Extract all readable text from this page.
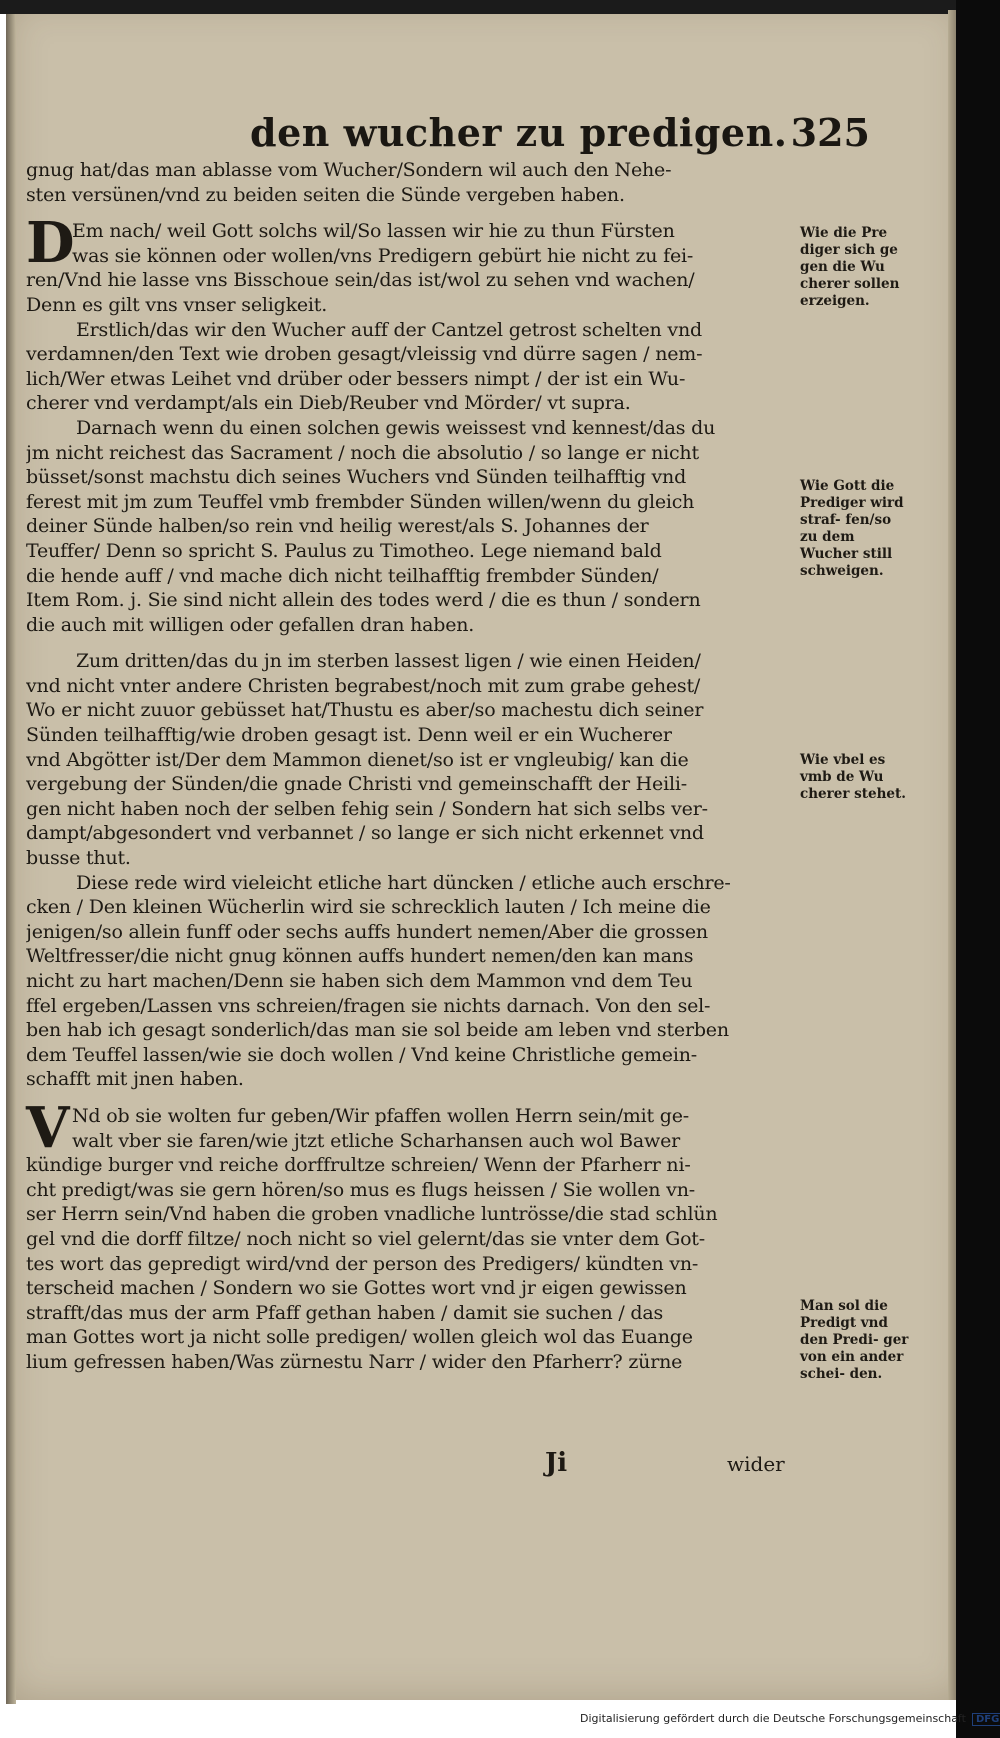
den wucher zu predigen. 325
gnug hat/das man ablasse vom Wucher/Sondern wil auch den Nehe-
sten versünen/vnd zu beiden seiten die Sünde vergeben haben.
D
Em nach/ weil Gott solchs wil/So lassen wir hie zu thun Fürsten
was sie können oder wollen/vns Predigern gebürt hie nicht zu fei-
ren/Vnd hie lasse vns Bisschoue sein/das ist/wol zu sehen vnd wachen/
Denn es gilt vns vnser seligkeit.
Erstlich/das wir den Wucher auff der Cantzel getrost schelten vnd
verdamnen/den Text wie droben gesagt/vleissig vnd dürre sagen / nem-
lich/Wer etwas Leihet vnd drüber oder bessers nimpt / der ist ein Wu-
cherer vnd verdampt/als ein Dieb/Reuber vnd Mörder/ vt supra.
Darnach wenn du einen solchen gewis weissest vnd kennest/das du
jm nicht reichest das Sacrament / noch die absolutio / so lange er nicht
büsset/sonst machstu dich seines Wuchers vnd Sünden teilhafftig vnd
ferest mit jm zum Teuffel vmb frembder Sünden willen/wenn du gleich
deiner Sünde halben/so rein vnd heilig werest/als S. Johannes der
Teuffer/ Denn so spricht S. Paulus zu Timotheo. Lege niemand bald
die hende auff / vnd mache dich nicht teilhafftig frembder Sünden/
Item Rom. j. Sie sind nicht allein des todes werd / die es thun / sondern
die auch mit willigen oder gefallen dran haben.
Zum dritten/das du jn im sterben lassest ligen / wie einen Heiden/
vnd nicht vnter andere Christen begrabest/noch mit zum grabe gehest/
Wo er nicht zuuor gebüsset hat/Thustu es aber/so machestu dich seiner
Sünden teilhafftig/wie droben gesagt ist. Denn weil er ein Wucherer
vnd Abgötter ist/Der dem Mammon dienet/so ist er vngleubig/ kan die
vergebung der Sünden/die gnade Christi vnd gemeinschafft der Heili-
gen nicht haben noch der selben fehig sein / Sondern hat sich selbs ver-
dampt/abgesondert vnd verbannet / so lange er sich nicht erkennet vnd
busse thut.
Diese rede wird vieleicht etliche hart düncken / etliche auch erschre-
cken / Den kleinen Wücherlin wird sie schrecklich lauten / Ich meine die
jenigen/so allein funff oder sechs auffs hundert nemen/Aber die grossen
Weltfresser/die nicht gnug können auffs hundert nemen/den kan mans
nicht zu hart machen/Denn sie haben sich dem Mammon vnd dem Teu
ffel ergeben/Lassen vns schreien/fragen sie nichts darnach. Von den sel-
ben hab ich gesagt sonderlich/das man sie sol beide am leben vnd sterben
dem Teuffel lassen/wie sie doch wollen / Vnd keine Christliche gemein-
schafft mit jnen haben.
V Nd ob sie wolten fur geben/Wir pfaffen wollen Herrn sein/mit ge-
walt vber sie faren/wie jtzt etliche Scharhansen auch wol Bawer
kündige burger vnd reiche dorffrultze schreien/ Wenn der Pfarherr ni-
cht predigt/was sie gern hören/so mus es flugs heissen / Sie wollen vn-
ser Herrn sein/Vnd haben die groben vnadliche luntrösse/die stad schlün
gel vnd die dorff filtze/ noch nicht so viel gelernt/das sie vnter dem Got-
tes wort das gepredigt wird/vnd der person des Predigers/ kündten vn-
terscheid machen / Sondern wo sie Gottes wort vnd jr eigen gewissen
strafft/das mus der arm Pfaff gethan haben / damit sie suchen / das
man Gottes wort ja nicht solle predigen/ wollen gleich wol das Euange
lium gefressen haben/Was zürnestu Narr / wider den Pfarherr? zürne
Wie die Pre diger sich ge gen die Wu cherer sollen erzeigen.
Wie Gott die Prediger wird straf- fen/so zu dem Wucher still schweigen.
Wie vbel es vmb de Wu cherer stehet.
Man sol die Predigt vnd den Predi- ger von ein ander schei- den.
Ji	wider
Digitalisierung gefördert durch die Deutsche Forschungsgemeinschaft DFG
